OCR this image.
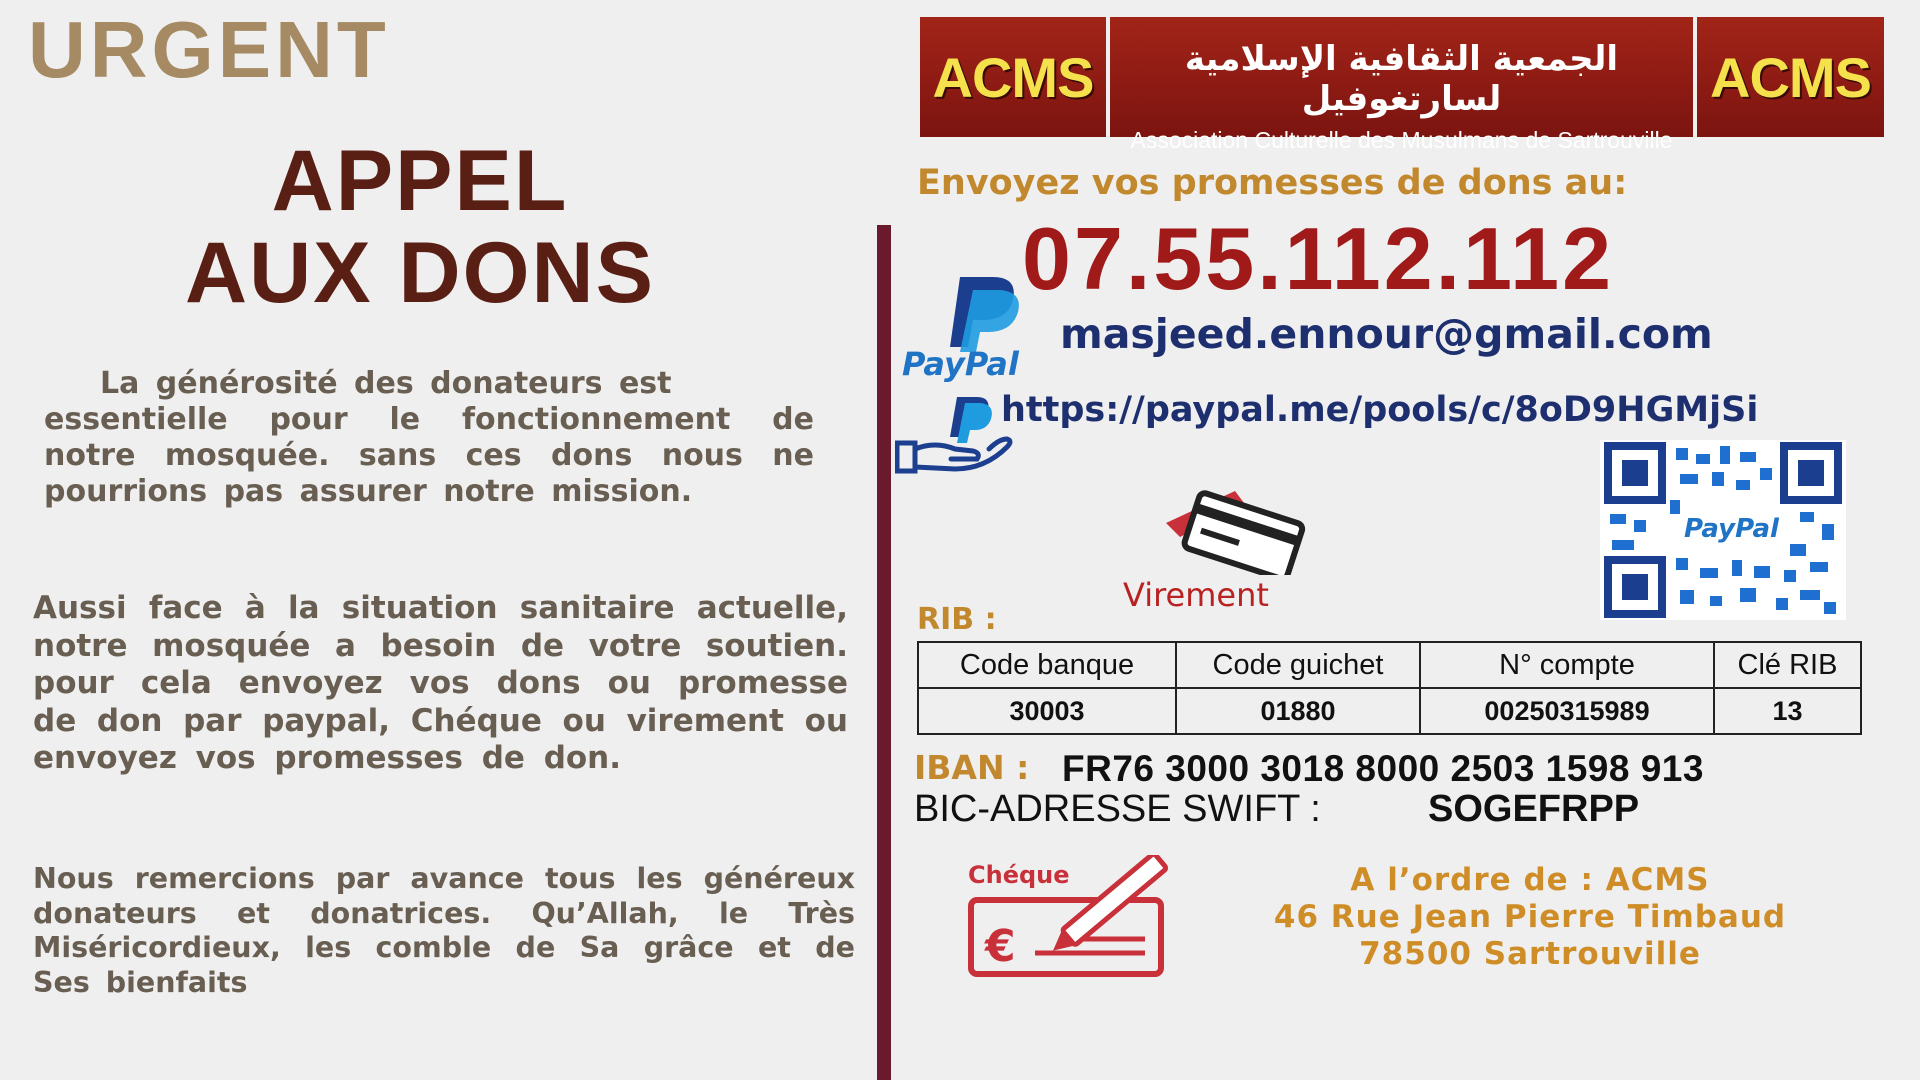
URGENT
APPEL
AUX DONS
La générosité des donateurs est
essentielle pour le fonctionnement de notre mosquée. sans ces dons nous ne pourrions pas assurer notre mission.
Aussi face à la situation sanitaire actuelle, notre mosquée a besoin de votre soutien. pour cela envoyez vos dons ou promesse de don par paypal, Chéque ou virement ou envoyez vos promesses de don.
Nous remercions par avance tous les généreux donateurs et donatrices. Qu’Allah, le Très Miséricordieux, les comble de Sa grâce et de Ses bienfaits
ACMS	الجمعية الثقافية الإسلامية لسارتغوفيل
Association Culturelle des Musulmans de Sartrouville
ACMS
Envoyez vos promesses de dons au:
07.55.112.112
PayPal
masjeed.ennour@gmail.com
https://paypal.me/pools/c/8oD9HGMjSi
Virement
PayPal
RIB :
Code banque	Code guichet	N° compte	Clé RIB
30003	01880	00250315989	13
IBAN : FR76 3000 3018 8000 2503 1598 913
BIC-ADRESSE SWIFT :	SOGEFRPP
€
Chéque	A l’ordre de : ACMS
46 Rue Jean Pierre Timbaud
78500 Sartrouville
